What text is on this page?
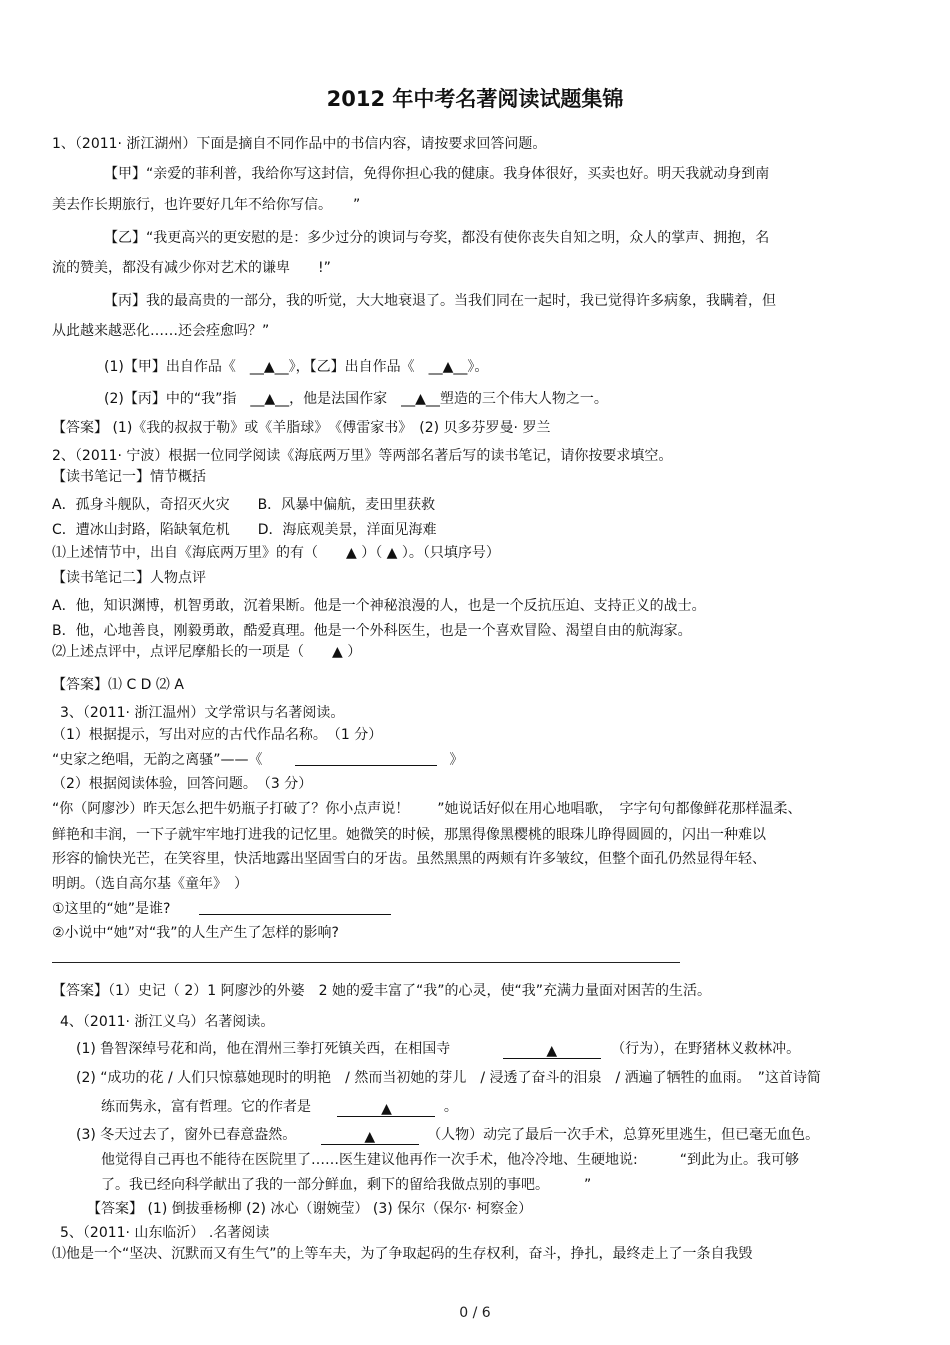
2012 年中考名著阅读试题集锦
1、（2011· 浙江湖州）下面是摘自不同作品中的书信内容，请按要求回答问题。
【甲】“亲爱的菲利普，我给你写这封信，免得你担心我的健康。我身体很好，买卖也好。明天我就动身到南
美去作长期旅行，也许要好几年不给你写信。　　”
【乙】“我更高兴的更安慰的是：多少过分的谀词与夸奖，都没有使你丧失自知之明，众人的掌声、拥抱，名
流的赞美，都没有减少你对艺术的谦卑　　!”
【丙】我的最高贵的一部分，我的听觉，大大地衰退了。当我们同在一起时，我已觉得许多病象，我瞒着，但
从此越来越恶化……还会痊愈吗？”
(1)【甲】出自作品《　__▲__》，【乙】出自作品《　__▲__》。
(2)【丙】中的“我”指　__▲__，他是法国作家　__▲__塑造的三个伟大人物之一。
【答案】 (1)《我的叔叔于勒》或《羊脂球》　《傅雷家书》　(2) 贝多芬罗曼· 罗兰
2、（2011· 宁波）根据一位同学阅读《海底两万里》等两部名著后写的读书笔记，请你按要求填空。
【读书笔记一】情节概括
A．孤身斗舰队，奇招灭火灾　　B．风暴中偏航，麦田里获救
C．遭冰山封路，陷缺氧危机　　D．海底观美景，洋面见海难
⑴上述情节中，出自《海底两万里》的有（　　▲ ）（ ▲ ）。（只填序号）
【读书笔记二】人物点评
A．他，知识渊博，机智勇敢，沉着果断。他是一个神秘浪漫的人，也是一个反抗压迫、支持正义的战士。
B．他，心地善良，刚毅勇敢，酷爱真理。他是一个外科医生，也是一个喜欢冒险、渴望自由的航海家。
⑵上述点评中，点评尼摩船长的一项是（　　▲ ）
【答案】⑴ C D ⑵ A
3、（2011· 浙江温州）文学常识与名著阅读。
（1）根据提示，写出对应的古代作品名称。　（1 分）
“史家之绝唱，无韵之离骚”——《	》
（2）根据阅读体验，回答问题。　（3 分）
“你（阿廖沙）昨天怎么把牛奶瓶子打破了？你小点声说！　　”她说话好似在用心地唱歌，　字字句句都像鲜花那样温柔、
鲜艳和丰润，一下子就牢牢地打进我的记忆里。她微笑的时候，那黑得像黑樱桃的眼珠儿睁得圆圆的，闪出一种难以
形容的愉快光芒，在笑容里，快活地露出坚固雪白的牙齿。虽然黑黑的两颊有许多皱纹，但整个面孔仍然显得年轻、
明朗。（选自高尔基《童年》　）
①这里的“她”是谁?
②小说中“她”对“我”的人生产生了怎样的影响?
【答案】（1）史记（ 2）1 阿廖沙的外婆　2 她的爱丰富了“我”的心灵，使“我”充满力量面对困苦的生活。
4、（2011· 浙江义乌）名著阅读。
(1) 鲁智深绰号花和尚，他在渭州三拳打死镇关西，在相国寺	▲	（行为），在野猪林义救林冲。
(2) “成功的花 / 人们只惊慕她现时的明艳　/ 然而当初她的芽儿　/ 浸透了奋斗的泪泉　/ 洒遍了牺牲的血雨。　”这首诗简
练而隽永，富有哲理。它的作者是	▲	。
(3) 冬天过去了，窗外已春意盎然。	▲	（人物）动完了最后一次手术，总算死里逃生，但已毫无血色。
他觉得自己再也不能待在医院里了……医生建议他再作一次手术，他冷冷地、生硬地说:　　　“到此为止。我可够
了。我已经向科学献出了我的一部分鲜血，剩下的留给我做点别的事吧。　　　”
【答案】 (1) 倒拔垂杨柳 (2) 冰心（谢婉莹） (3) 保尔（保尔· 柯察金）
5、（2011· 山东临沂） .名著阅读
⑴他是一个“坚决、沉默而又有生气”的上等车夫，为了争取起码的生存权利，奋斗，挣扎，最终走上了一条自我毁
0 / 6
